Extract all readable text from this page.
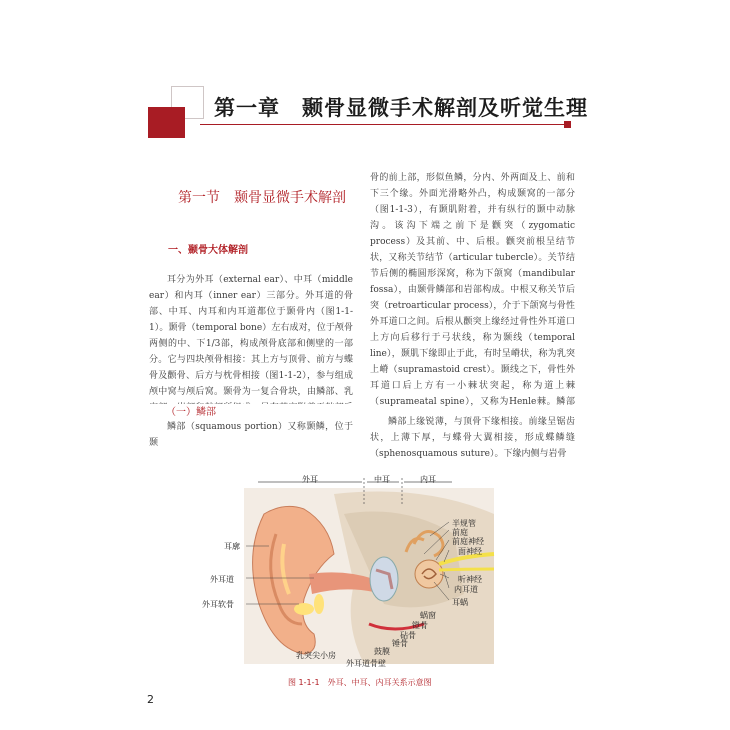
第一章　颞骨显微手术解剖及听觉生理
第一节　颞骨显微手术解剖
一、颞骨大体解剖

耳分为外耳（external ear）、中耳（middle ear）和内耳（inner ear）三部分。外耳道的骨部、中耳、内耳和内耳道都位于颞骨内（图1-1-1）。颞骨（temporal bone）左右成对，位于颅骨两侧的中、下1/3部，构成颅骨底部和侧壁的一部分。它与四块颅骨相接：其上方与顶骨、前方与蝶骨及颧骨、后方与枕骨相接（图1-1-2），参与组成颅中窝与颅后窝。颞骨为一复合骨块，由鳞部、乳

（一）鳞部

鳞部（squamous portion）又称颞鳞，位于颞

骨的前上部，形似鱼鳞，分内、外两面及上、前和下三个缘。外面光滑略外凸，构成颞窝的一部分（图1-1-3），有颞肌附着，并有纵行的颞中动脉沟。该沟下端之前下是颧突（zygomatic process）及其前、中、后根。颧突前根呈结节状，又称关节结节（articular tubercle）。关节结节后侧的椭圆形深窝，称为下颌窝（mandibular fossa），由颞骨鳞部和岩部构成。中根又称关节后突（retroarticular process），介于下颌窝与骨性外耳道口之间。后根从颧突上缘经过骨性外耳道口上方向后移行于弓状线，称为颞线（temporal line），颞肌下缘即止于此，有时呈嵴状，称为乳突上嵴（supramastoid crest）。颞线之下，骨性外耳道口后上方有一小棘状突起，称为道上棘（suprameatal spine），又称为Henle棘。鳞部

鳞部上缘锐薄，与顶骨下缘相接。前缘呈锯齿状，上薄下厚，与蝶骨大翼相接，形成蝶鳞缝（sphenosquamous suture）。下缘内侧与岩骨

外耳	中耳	内耳
耳廓
外耳道
外耳软骨
半规管
前庭
前庭神经
面神经
听神经
内耳道
耳蜗
蜗窗
镫骨
砧骨
锤骨
鼓膜
乳突尖小房
外耳道骨壁
图 1-1-1　外耳、中耳、内耳关系示意图
2
